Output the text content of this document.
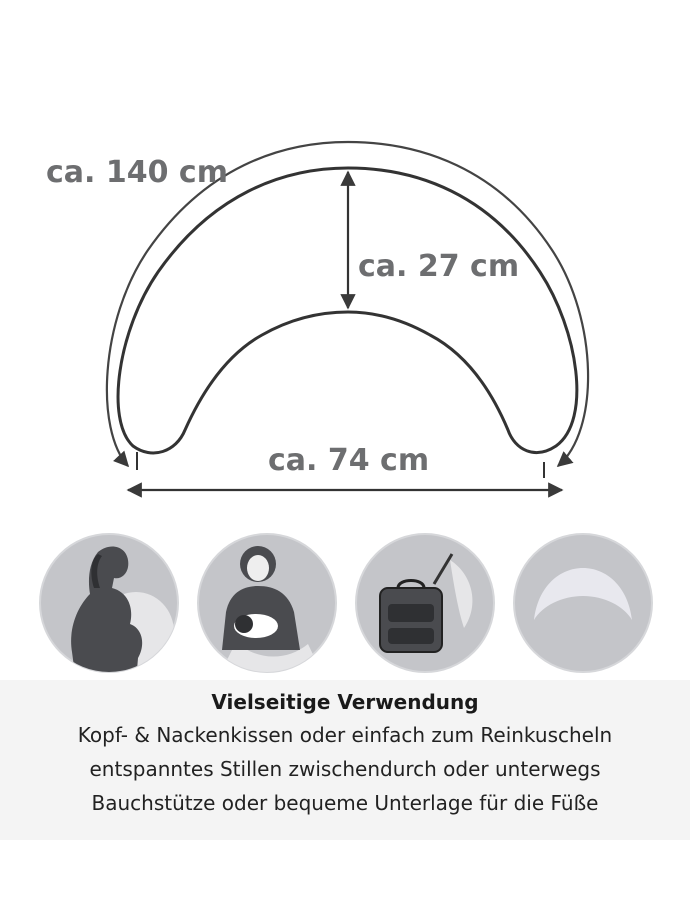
ca. 140 cm
ca. 27 cm
ca. 74 cm
Vielseitige Verwendung
Kopf- & Nackenkissen oder einfach zum Reinkuscheln
entspanntes Stillen zwischendurch oder unterwegs
Bauchstütze oder bequeme Unterlage für die Füße
